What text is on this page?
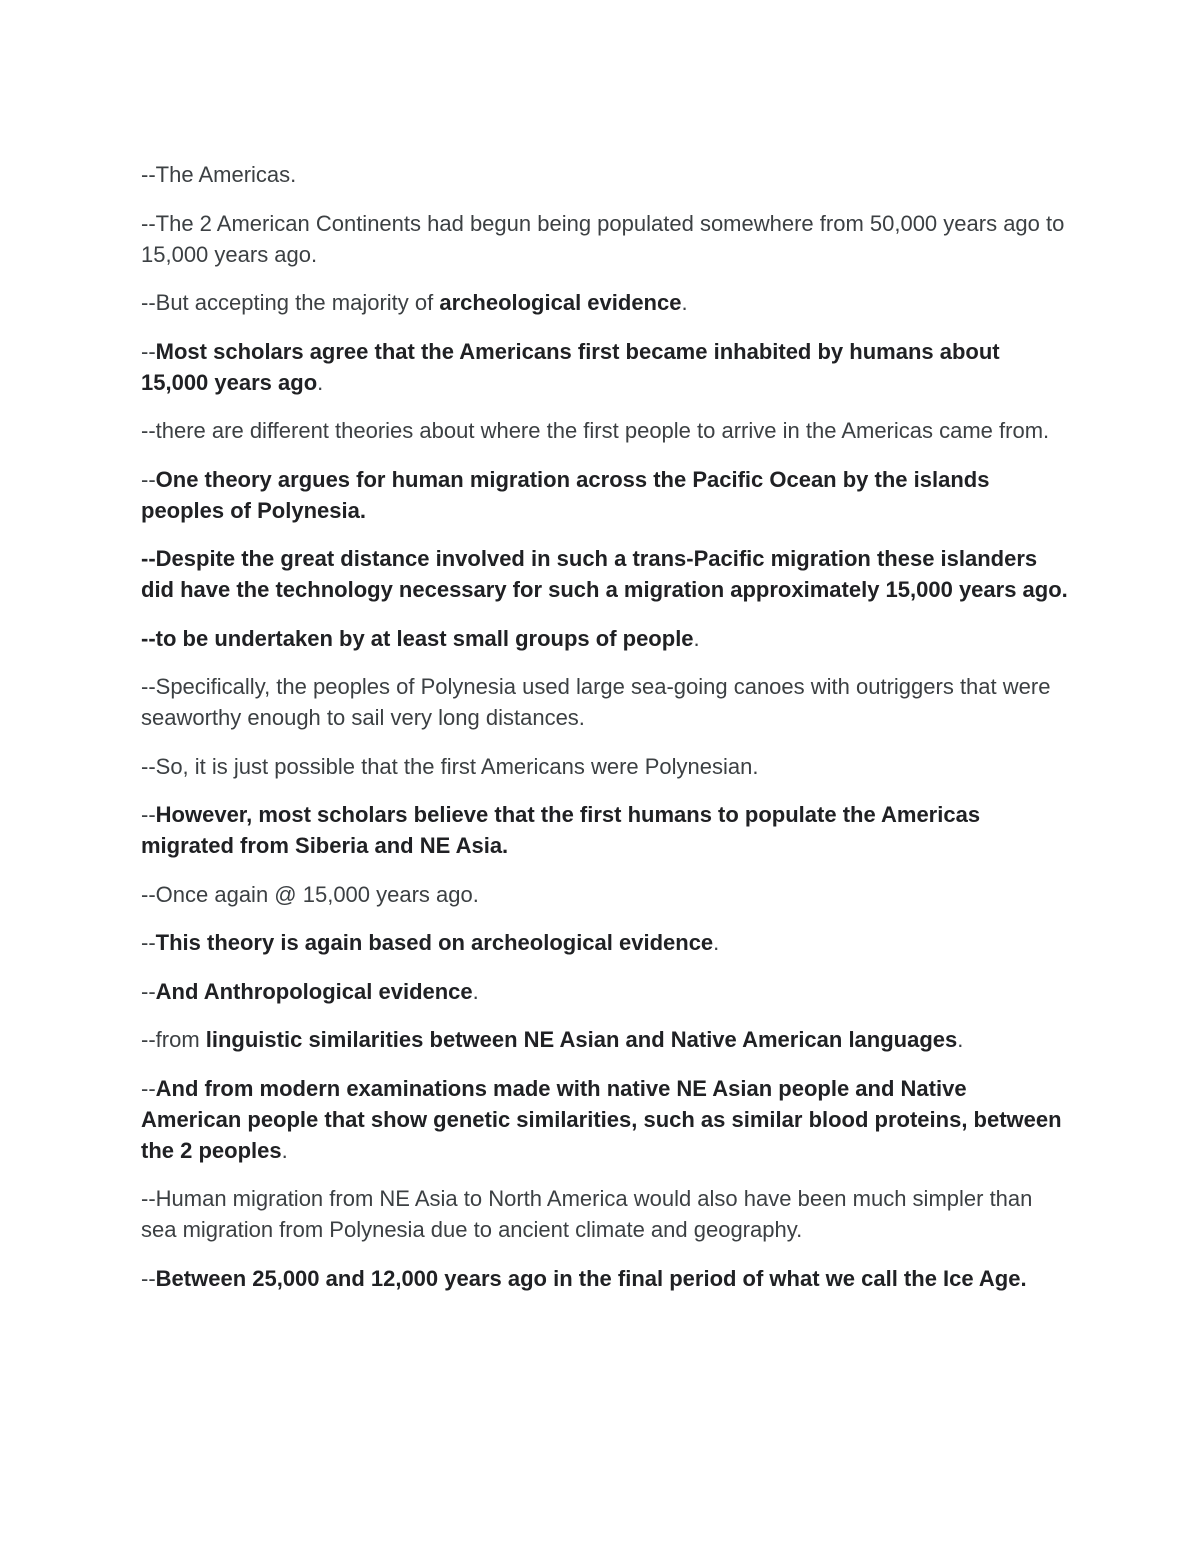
--The Americas.

--The 2 American Continents had begun being populated somewhere from 50,000 years ago to 15,000 years ago.

--But accepting the majority of archeological evidence.

--Most scholars agree that the Americans first became inhabited by humans about 15,000 years ago.

--there are different theories about where the first people to arrive in the Americas came from.

--One theory argues for human migration across the Pacific Ocean by the islands peoples of Polynesia.

--Despite the great distance involved in such a trans-Pacific migration these islanders did have the technology necessary for such a migration approximately 15,000 years ago.

--to be undertaken by at least small groups of people.

--Specifically, the peoples of Polynesia used large sea-going canoes with outriggers that were seaworthy enough to sail very long distances.

--So, it is just possible that the first Americans were Polynesian.

--However, most scholars believe that the first humans to populate the Americas migrated from Siberia and NE Asia.

--Once again @ 15,000 years ago.

--This theory is again based on archeological evidence.

--And Anthropological evidence.

--from linguistic similarities between NE Asian and Native American languages.

--And from modern examinations made with native NE Asian people and Native American people that show genetic similarities, such as similar blood proteins, between the 2 peoples.

--Human migration from NE Asia to North America would also have been much simpler than sea migration from Polynesia due to ancient climate and geography.

--Between 25,000 and 12,000 years ago in the final period of what we call the Ice Age.
